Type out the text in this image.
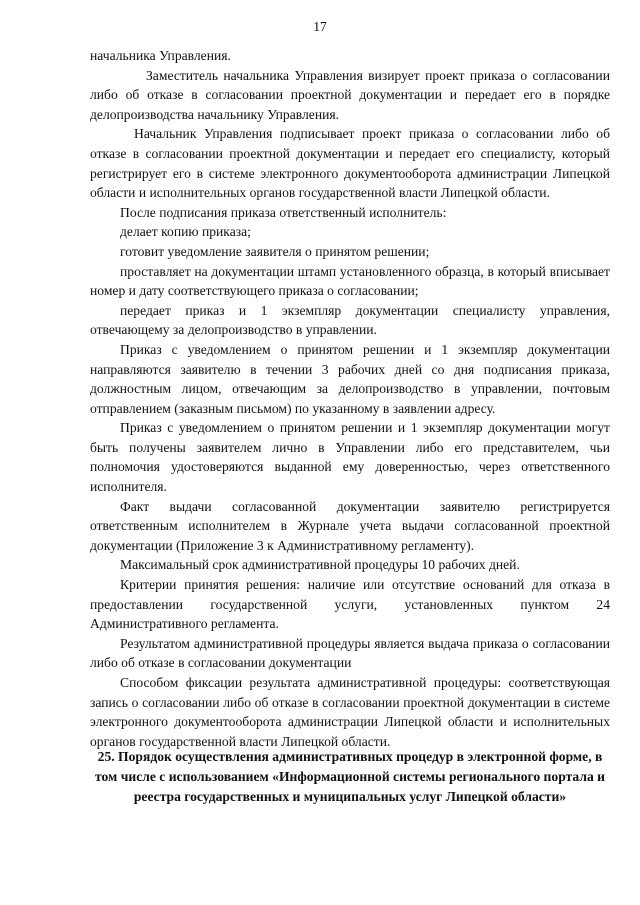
17

начальника Управления.

Заместитель начальника Управления визирует проект приказа о согласовании либо об отказе в согласовании проектной документации и передает его в порядке делопроизводства начальнику Управления.

Начальник Управления подписывает проект приказа о согласовании либо об отказе в согласовании проектной документации и передает его специалисту, который регистрирует его в системе электронного документооборота администрации Липецкой области и исполнительных органов государственной власти Липецкой области.

После подписания приказа ответственный исполнитель:

делает копию приказа;

готовит уведомление заявителя о принятом решении;

проставляет на документации штамп установленного образца, в который вписывает номер и дату соответствующего приказа о согласовании;

передает приказ и 1 экземпляр документации специалисту управления, отвечающему за делопроизводство в управлении.

Приказ с уведомлением о принятом решении и 1 экземпляр документации направляются заявителю в течении 3 рабочих дней со дня подписания приказа, должностным лицом, отвечающим за делопроизводство в управлении, почтовым отправлением (заказным письмом) по указанному в заявлении адресу.

Приказ с уведомлением о принятом решении и 1 экземпляр документации могут быть получены заявителем лично в Управлении либо его представителем, чьи полномочия удостоверяются выданной ему доверенностью, через ответственного исполнителя.

Факт выдачи согласованной документации заявителю регистрируется ответственным исполнителем в Журнале учета выдачи согласованной проектной документации (Приложение 3 к Административному регламенту).

Максимальный срок административной процедуры 10 рабочих дней.

Критерии принятия решения: наличие или отсутствие оснований для отказа в предоставлении государственной услуги, установленных пунктом 24 Административного регламента.

Результатом административной процедуры является выдача приказа о согласовании либо об отказе в согласовании документации

Способом фиксации результата административной процедуры: соответствующая запись о согласовании либо об отказе в согласовании проектной документации в системе электронного документооборота администрации Липецкой области и исполнительных органов государственной власти Липецкой области.

25. Порядок осуществления административных процедур в электронной форме, в том числе с использованием «Информационной системы регионального портала и реестра государственных и муниципальных услуг Липецкой области»
